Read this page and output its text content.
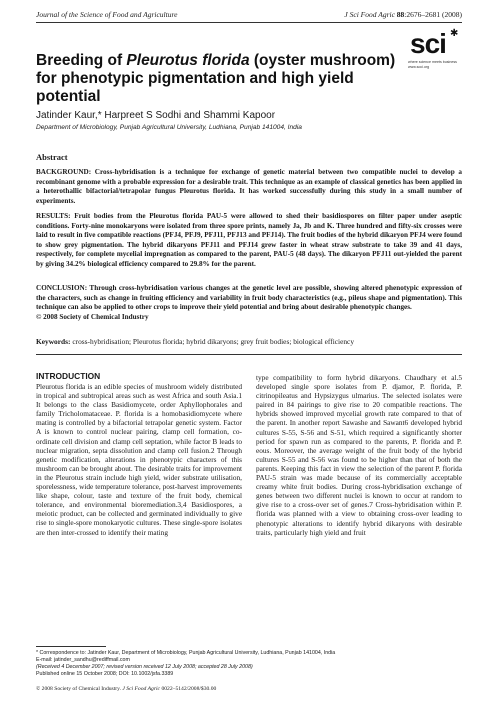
Journal of the Science of Food and Agriculture	J Sci Food Agric 88:2676–2681 (2008)
sci ✱
where science meets business
www.soci.org
Breeding of Pleurotus florida (oyster mushroom) for phenotypic pigmentation and high yield potential
Jatinder Kaur,* Harpreet S Sodhi and Shammi Kapoor
Department of Microbiology, Punjab Agricultural University, Ludhiana, Punjab 141004, India
Abstract
BACKGROUND: Cross-hybridisation is a technique for exchange of genetic material between two compatible nuclei to develop a recombinant genome with a probable expression for a desirable trait. This technique as an example of classical genetics has been applied in a heterothallic bifactorial/tetrapolar fungus Pleurotus florida. It has worked successfully during this study in a small number of experiments.
RESULTS: Fruit bodies from the Pleurotus florida PAU-5 were allowed to shed their basidiospores on filter paper under aseptic conditions. Forty-nine monokaryons were isolated from three spore prints, namely Ja, Jb and K. Three hundred and fifty-six crosses were laid to result in five compatible reactions (PFJ4, PFJ9, PFJ11, PFJ13 and PFJ14). The fruit bodies of the hybrid dikaryon PFJ4 were found to show grey pigmentation. The hybrid dikaryons PFJ11 and PFJ14 grew faster in wheat straw substrate to take 39 and 41 days, respectively, for complete mycelial impregnation as compared to the parent, PAU-5 (48 days). The dikaryon PFJ11 out-yielded the parent by giving 34.2% biological efficiency compared to 29.8% for the parent.
CONCLUSION: Through cross-hybridisation various changes at the genetic level are possible, showing altered phenotypic expression of the characters, such as change in fruiting efficiency and variability in fruit body characteristics (e.g., pileus shape and pigmentation). This technique can also be applied to other crops to improve their yield potential and bring about desirable phenotypic changes.
© 2008 Society of Chemical Industry
Keywords: cross-hybridisation; Pleurotus florida; hybrid dikaryons; grey fruit bodies; biological efficiency
INTRODUCTION

Pleurotus florida is an edible species of mushroom widely distributed in tropical and subtropical areas such as west Africa and south Asia.1 It belongs to the class Basidiomycete, order Aphyllophorales and family Tricholomataceae. P. florida is a homobasidiomycete where mating is controlled by a bifactorial tetrapolar genetic system. Factor A is known to control nuclear pairing, clamp cell formation, co-ordinate cell division and clamp cell septation, while factor B leads to nuclear migration, septa dissolution and clamp cell fusion.2 Through genetic modification, alterations in phenotypic characters of this mushroom can be brought about. The desirable traits for improvement in the Pleurotus strain include high yield, wider substrate utilisation, sporelessness, wide temperature tolerance, post-harvest improvements like shape, colour, taste and texture of the fruit body, chemical tolerance, and environmental bioremediation.3,4 Basidiospores, a meiotic product, can be collected and germinated individually to give rise to single-spore monokaryotic cultures. These single-spore isolates are then inter-crossed to identify their mating

type compatibility to form hybrid dikaryons. Chaudhary et al.5 developed single spore isolates from P. djamor, P. florida, P. citrinopileatus and Hypsizygus ulmarius. The selected isolates were paired in 84 pairings to give rise to 20 compatible reactions. The hybrids showed improved mycelial growth rate compared to that of the parent. In another report Sawashe and Sawant6 developed hybrid cultures S-55, S-56 and S-51, which required a significantly shorter period for spawn run as compared to the parents, P. florida and P. eous. Moreover, the average weight of the fruit body of the hybrid cultures S-55 and S-56 was found to be higher than that of both the parents. Keeping this fact in view the selection of the parent P. florida PAU-5 strain was made because of its commercially acceptable creamy white fruit bodies. During cross-hybridisation exchange of genes between two different nuclei is known to occur at random to give rise to a cross-over set of genes.7 Cross-hybridisation within P. florida was planned with a view to obtaining cross-over leading to phenotypic alterations to identify hybrid dikaryons with desirable traits, particularly high yield and fruit

* Correspondence to: Jatinder Kaur, Department of Microbiology, Punjab Agricultural University, Ludhiana, Punjab 141004, India
E-mail: jatinder_sandhu@rediffmail.com
(Received 4 December 2007; revised version received 12 July 2008; accepted 28 July 2008)
Published online 15 October 2008; DOI: 10.1002/jsfa.3389
© 2008 Society of Chemical Industry. J Sci Food Agric 0022–5142/2008/$30.00
